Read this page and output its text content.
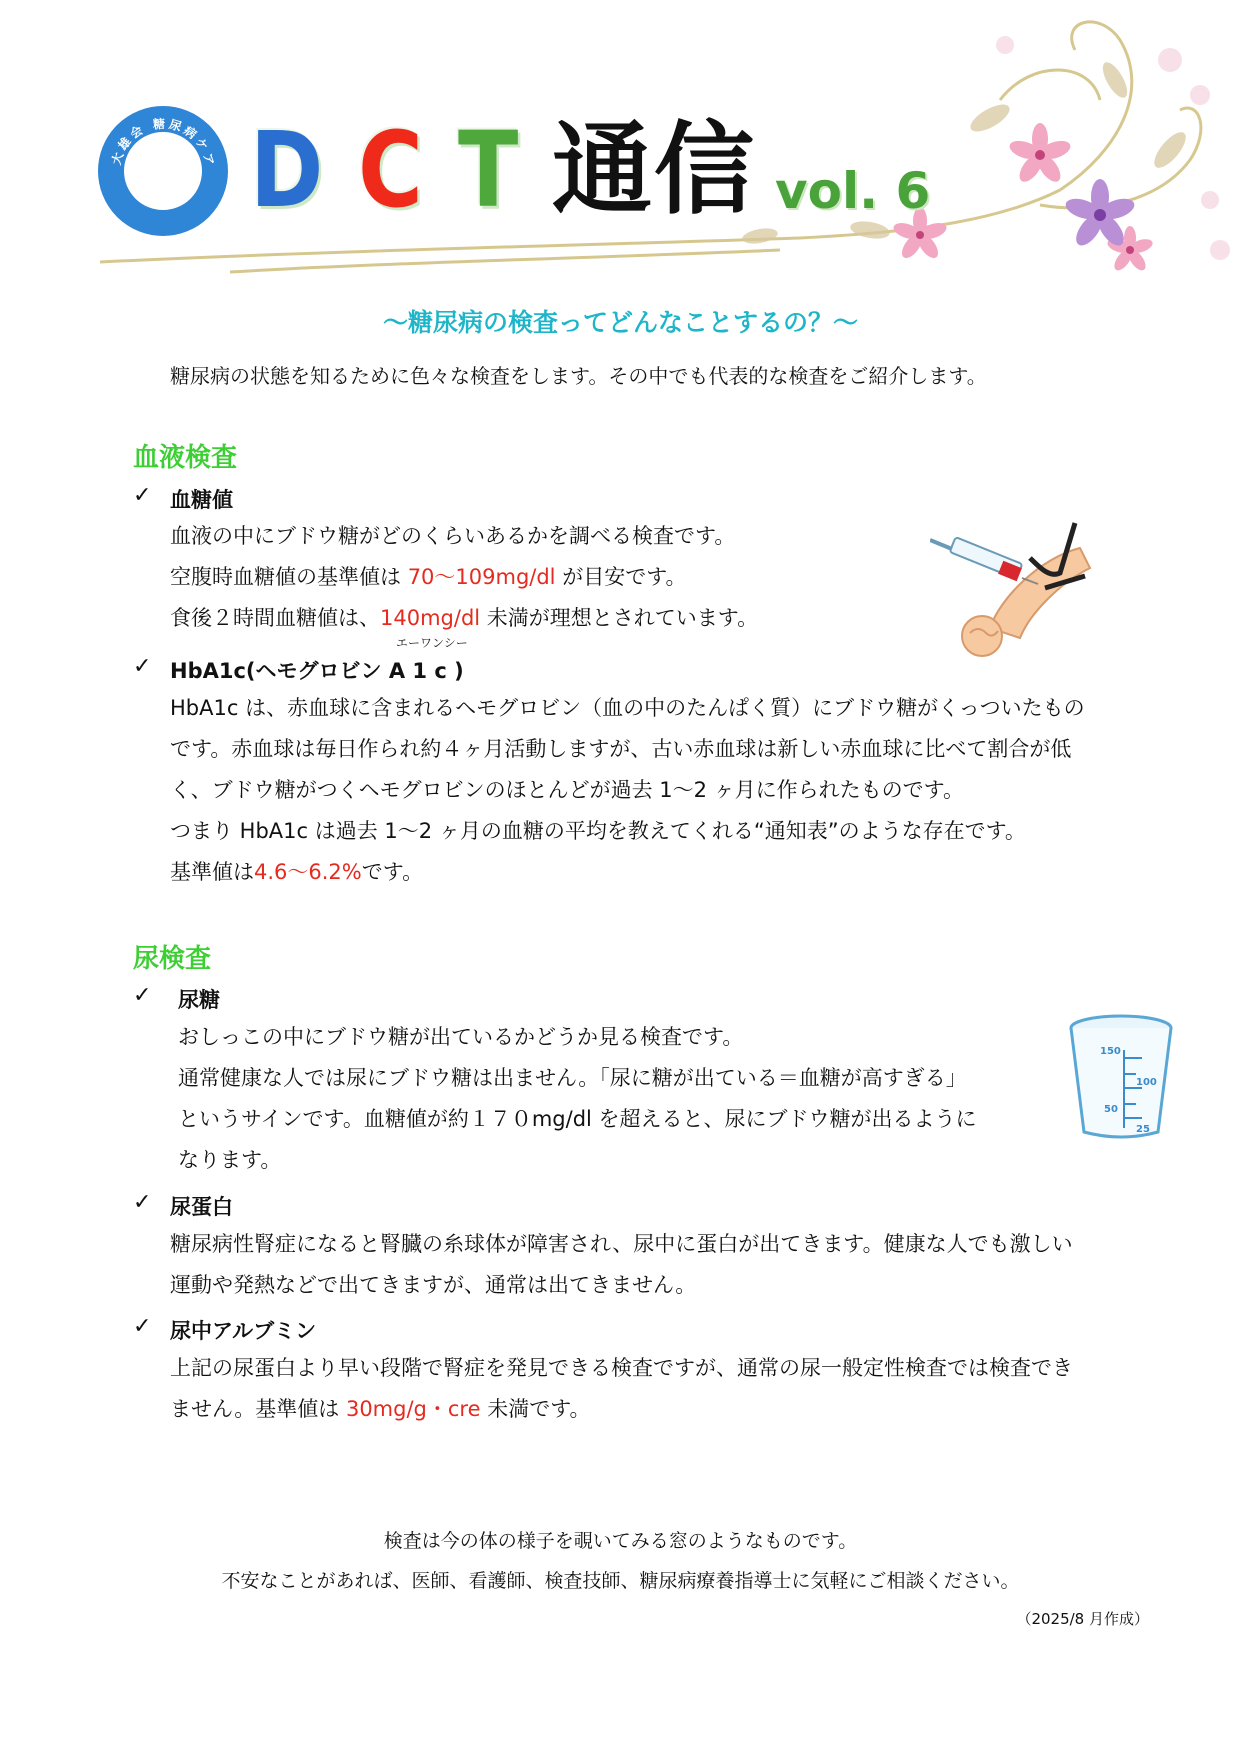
大雄会 糖尿病ケア D C T 通信 vol. 6
～糖尿病の検査ってどんなことするの？～
糖尿病の状態を知るために色々な検査をします。その中でも代表的な検査をご紹介します。
血液検査
✓ 血糖値
血液の中にブドウ糖がどのくらいあるかを調べる検査です。
空腹時血糖値の基準値は 70～109mg/dl が目安です。
食後２時間血糖値は、140mg/dl 未満が理想とされています。
エーワンシー
✓ HbA1c(ヘモグロビン A 1 c )
HbA1c は、赤血球に含まれるヘモグロビン（血の中のたんぱく質）にブドウ糖がくっついたもの
です。赤血球は毎日作られ約４ヶ月活動しますが、古い赤血球は新しい赤血球に比べて割合が低
く、ブドウ糖がつくヘモグロビンのほとんどが過去 1～2 ヶ月に作られたものです。
つまり HbA1c は過去 1～2 ヶ月の血糖の平均を教えてくれる“通知表”のような存在です。
基準値は4.6～6.2%です。
尿検査
✓ 尿糖
おしっこの中にブドウ糖が出ているかどうか見る検査です。
通常健康な人では尿にブドウ糖は出ません。「尿に糖が出ている＝血糖が高すぎる」
というサインです。血糖値が約１７０mg/dl を超えると、尿にブドウ糖が出るように
なります。
150
100
50
25
✓ 尿蛋白
糖尿病性腎症になると腎臓の糸球体が障害され、尿中に蛋白が出てきます。健康な人でも激しい
運動や発熱などで出てきますが、通常は出てきません。
✓ 尿中アルブミン
上記の尿蛋白より早い段階で腎症を発見できる検査ですが、通常の尿一般定性検査では検査でき
ません。基準値は 30mg/g・cre 未満です。
検査は今の体の様子を覗いてみる窓のようなものです。
不安なことがあれば、医師、看護師、検査技師、糖尿病療養指導士に気軽にご相談ください。
（2025/8 月作成）
